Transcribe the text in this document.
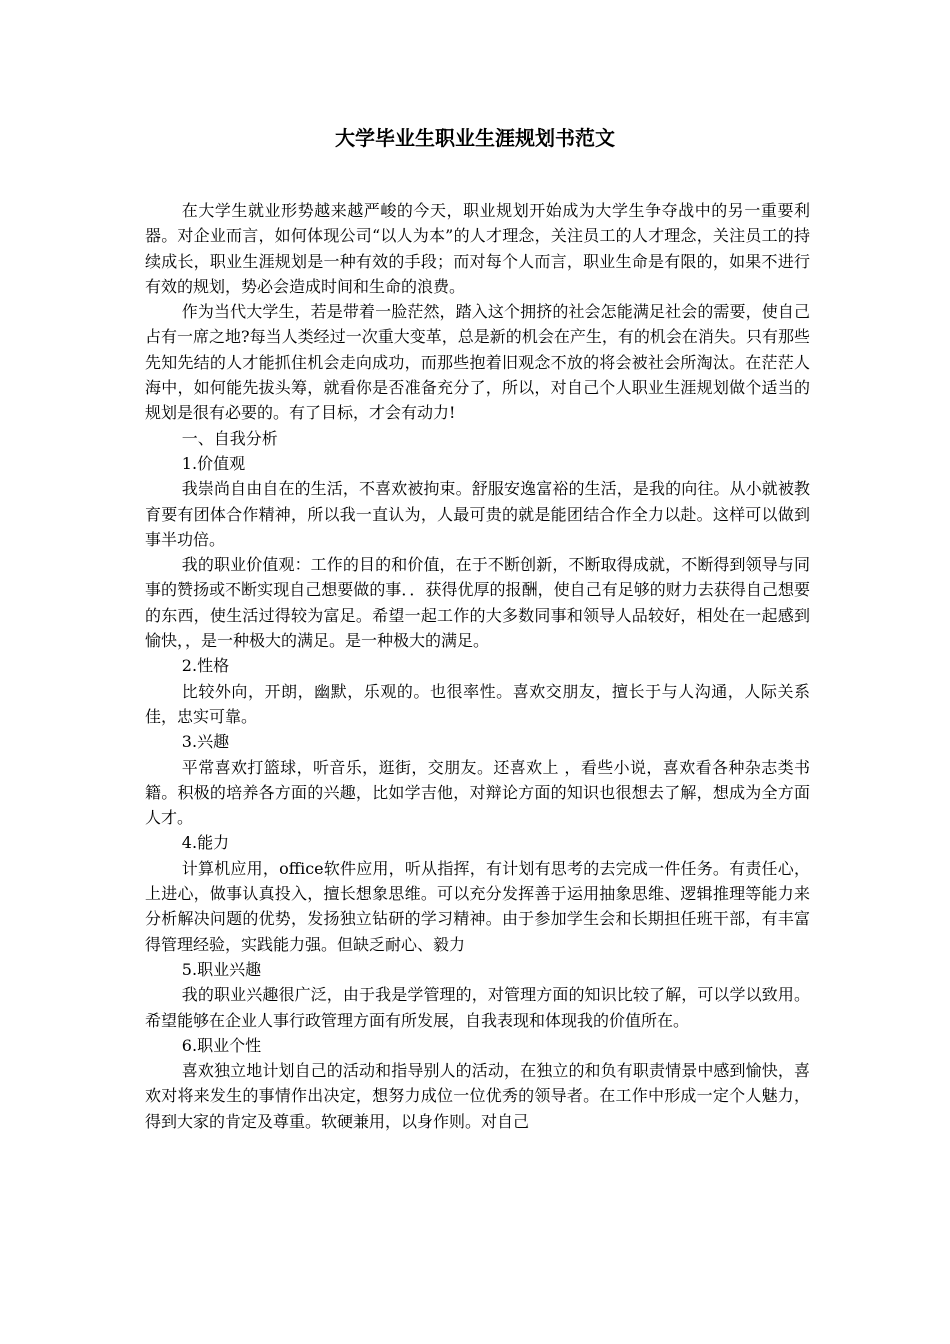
大学毕业生职业生涯规划书范文

在大学生就业形势越来越严峻的今天，职业规划开始成为大学生争夺战中的另一重要利器。对企业而言，如何体现公司“以人为本”的人才理念，关注员工的人才理念，关注员工的持续成长，职业生涯规划是一种有效的手段；而对每个人而言，职业生命是有限的，如果不进行有效的规划，势必会造成时间和生命的浪费。

作为当代大学生，若是带着一脸茫然，踏入这个拥挤的社会怎能满足社会的需要，使自己占有一席之地?每当人类经过一次重大变革，总是新的机会在产生，有的机会在消失。只有那些先知先结的人才能抓住机会走向成功，而那些抱着旧观念不放的将会被社会所淘汰。在茫茫人海中，如何能先拔头筹，就看你是否准备充分了，所以，对自己个人职业生涯规划做个适当的规划是很有必要的。有了目标，才会有动力!

一、自我分析

1.价值观

我崇尚自由自在的生活，不喜欢被拘束。舒服安逸富裕的生活，是我的向往。从小就被教育要有团体合作精神，所以我一直认为，人最可贵的就是能团结合作全力以赴。这样可以做到事半功倍。

我的职业价值观：工作的目的和价值，在于不断创新，不断取得成就，不断得到领导与同事的赞扬或不断实现自己想要做的事．．获得优厚的报酬，使自己有足够的财力去获得自己想要的东西，使生活过得较为富足。希望一起工作的大多数同事和领导人品较好，相处在一起感到愉快，，是一种极大的满足。是一种极大的满足。

2.性格

比较外向，开朗，幽默，乐观的。也很率性。喜欢交朋友，擅长于与人沟通，人际关系佳，忠实可靠。

3.兴趣

平常喜欢打篮球，听音乐，逛街，交朋友。还喜欢上 ，看些小说，喜欢看各种杂志类书籍。积极的培养各方面的兴趣，比如学吉他，对辩论方面的知识也很想去了解，想成为全方面人才。

4.能力

计算机应用，office软件应用，听从指挥，有计划有思考的去完成一件任务。有责任心，上进心，做事认真投入，擅长想象思维。可以充分发挥善于运用抽象思维、逻辑推理等能力来分析解决问题的优势，发扬独立钻研的学习精神。由于参加学生会和长期担任班干部，有丰富得管理经验，实践能力强。但缺乏耐心、毅力

5.职业兴趣

我的职业兴趣很广泛，由于我是学管理的，对管理方面的知识比较了解，可以学以致用。希望能够在企业人事行政管理方面有所发展，自我表现和体现我的价值所在。

6.职业个性

喜欢独立地计划自己的活动和指导别人的活动，在独立的和负有职责情景中感到愉快，喜欢对将来发生的事情作出决定，想努力成位一位优秀的领导者。在工作中形成一定个人魅力，得到大家的肯定及尊重。软硬兼用，以身作则。对自己
